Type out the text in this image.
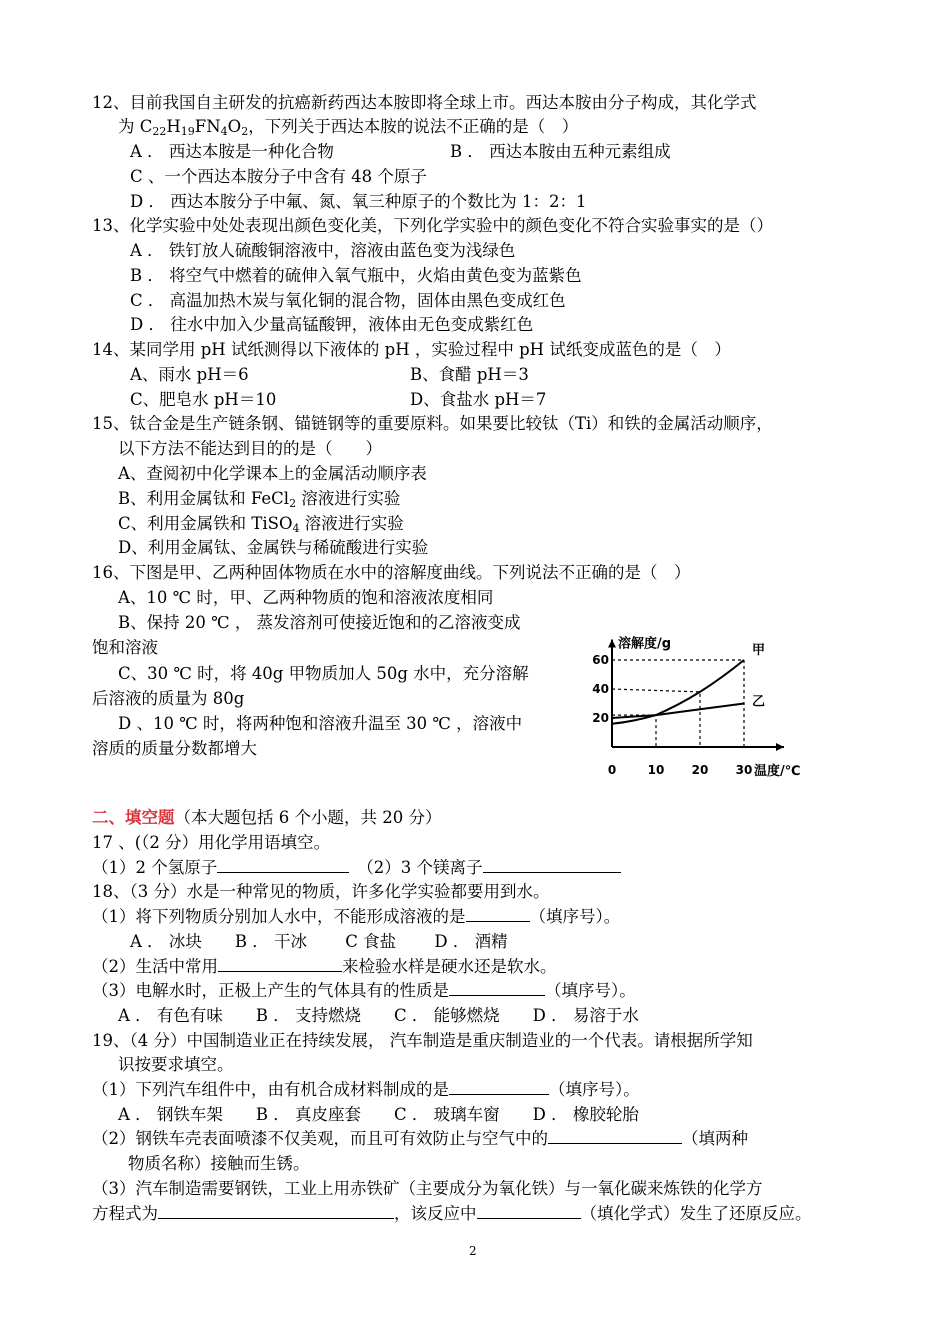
12、目前我国自主研发的抗癌新药西达本胺即将全球上市。西达本胺由分子构成，其化学式
为 $C_{22}H_{19}FN_4O_2$，下列关于西达本胺的说法不正确的是（　）
A ． 西达本胺是一种化合物	B ． 西达本胺由五种元素组成
C 、一个西达本胺分子中含有 48 个原子
D ． 西达本胺分子中氟、氮、氧三种原子的个数比为 1：2：1
13、化学实验中处处表现出颜色变化美，下列化学实验中的颜色变化不符合实验事实的是（）
A ． 铁钉放人硫酸铜溶液中，溶液由蓝色变为浅绿色
B ． 将空气中燃着的硫伸入氧气瓶中，火焰由黄色变为蓝紫色
C ． 高温加热木炭与氧化铜的混合物，固体由黑色变成红色
D ． 往水中加入少量高锰酸钾，液体由无色变成紫红色
14、某同学用 pH 试纸测得以下液体的 pH ，实验过程中 pH 试纸变成蓝色的是（　）
A、雨水 pH＝6	B、食醋 pH＝3
C、肥皂水 pH＝10	D、食盐水 pH＝7
15、钛合金是生产链条钢、锚链钢等的重要原料。如果要比较钛（Ti）和铁的金属活动顺序，
以下方法不能达到目的的是（　　）
A、查阅初中化学课本上的金属活动顺序表
B、利用金属钛和 FeCl$_2$ 溶液进行实验
C、利用金属铁和 TiSO$_4$ 溶液进行实验
D、利用金属钛、金属铁与稀硫酸进行实验
16、下图是甲、乙两种固体物质在水中的溶解度曲线。下列说法不正确的是（　）
A、10 ℃ 时，甲、乙两种物质的饱和溶液浓度相同
B、保持 20 ℃ ， 蒸发溶剂可使接近饱和的乙溶液变成
饱和溶液
C、30 ℃ 时，将 40g 甲物质加人 50g 水中，充分溶解
后溶液的质量为 80g
D 、10 ℃ 时，将两种饱和溶液升温至 30 ℃ ，溶液中
溶质的质量分数都增大
溶解度/g
温度/℃
0	10 20 30
20
40
60
甲
乙
二、填空题（本大题包括 6 个小题，共 20 分）
17 、(（2 分）用化学用语填空。
（1）2 个氢原子	（2）3 个镁离子
18、（3 分）水是一种常见的物质，许多化学实验都要用到水。
（1）将下列物质分别加人水中，不能形成溶液的是	（填序号）。
A ． 冰块　　B ． 干冰　　 C 食盐　　 D ． 酒精
（2）生活中常用	来检验水样是硬水还是软水。
（3）电解水时，正极上产生的气体具有的性质是	（填序号）。
A ． 有色有味　　B ． 支持燃烧　　C ． 能够燃烧　　D ． 易溶于水
19、（4 分）中国制造业正在持续发展， 汽车制造是重庆制造业的一个代表。请根据所学知
识按要求填空。
（1）下列汽车组件中，由有机合成材料制成的是	（填序号）。
A ． 钢铁车架　　B ． 真皮座套　　C ． 玻璃车窗　　D ． 橡胶轮胎
（2）钢铁车壳表面喷漆不仅美观，而且可有效防止与空气中的	（填两种
物质名称）接触而生锈。
（3）汽车制造需要钢铁，工业上用赤铁矿（主要成分为氧化铁）与一氧化碳来炼铁的化学方
方程式为	，该反应中	（填化学式）发生了还原反应。
2
